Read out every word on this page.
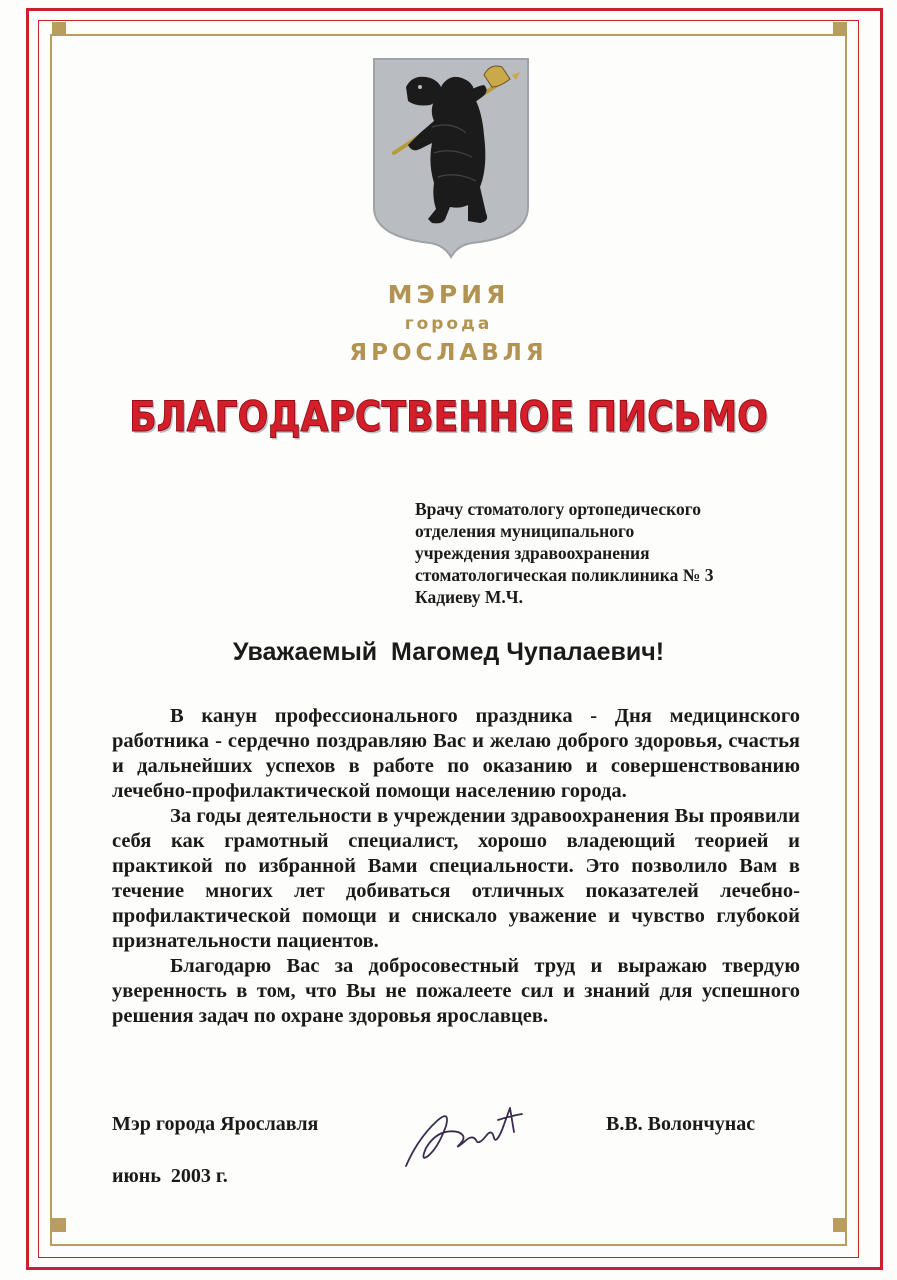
МЭРИЯ
города
ЯРОСЛАВЛЯ
БЛАГОДАРСТВЕННОЕ ПИСЬМО
Врачу стоматологу ортопедического
отделения муниципального
учреждения здравоохранения
стоматологическая поликлиника № 3
Кадиеву М.Ч.
Уважаемый  Магомед Чупалаевич!

В канун профессионального праздника - Дня медицинского работника - сердечно поздравляю Вас и желаю доброго здоровья, счастья и дальнейших успехов в работе по оказанию и совершенствованию лечебно-профилактической помощи населению города.

За годы деятельности в учреждении здравоохранения Вы проявили себя как грамотный специалист, хорошо владеющий теорией и практикой по избранной Вами специальности. Это позволило Вам в течение многих лет добиваться отличных показателей лечебно-профилактической помощи и снискало уважение и чувство глубокой признательности пациентов.

Благодарю Вас за добросовестный труд и выражаю твердую уверенность в том, что Вы не пожалеете сил и знаний для успешного решения задач по охране здоровья ярославцев.

Мэр города Ярославля	В.В. Волончунас
июнь  2003 г.
